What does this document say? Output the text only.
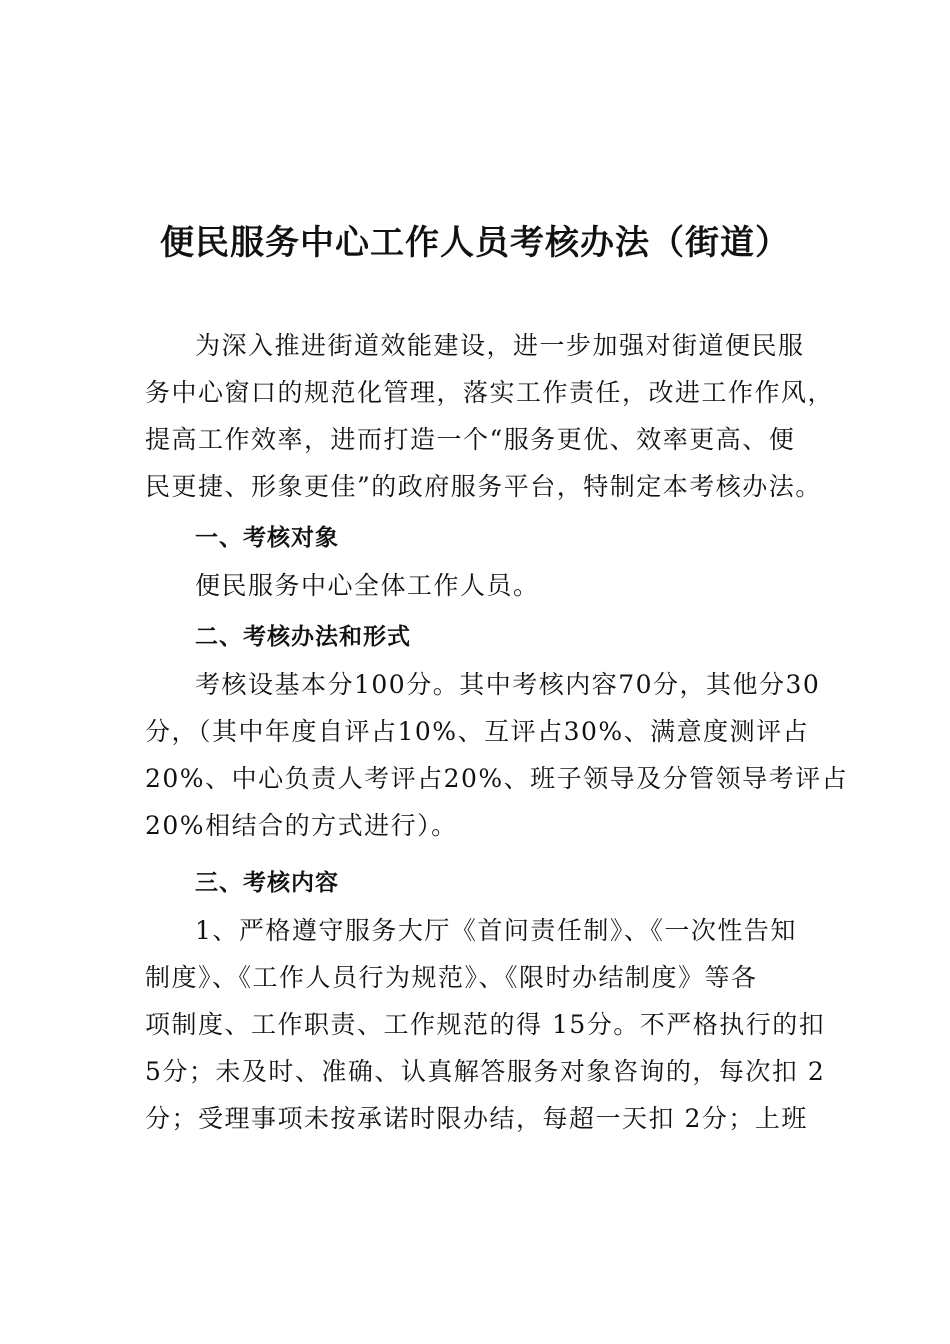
便民服务中心工作人员考核办法（街道）
为深入推进街道效能建设，进一步加强对街道便民服
务中心窗口的规范化管理，落实工作责任，改进工作作风，
提高工作效率，进而打造一个“服务更优、效率更高、便
民更捷、形象更佳”的政府服务平台，特制定本考核办法。
一、考核对象
便民服务中心全体工作人员。
二、考核办法和形式
考核设基本分100分。其中考核内容70分，其他分30
分，（其中年度自评占10%、互评占30%、满意度测评占
20%、中心负责人考评占20%、班子领导及分管领导考评占
20%相结合的方式进行）。
三、考核内容
1、严格遵守服务大厅《首问责任制》、《一次性告知
制度》、《工作人员行为规范》、《限时办结制度》等各
项制度、工作职责、工作规范的得 15分。不严格执行的扣
5分；未及时、准确、认真解答服务对象咨询的，每次扣 2
分；受理事项未按承诺时限办结，每超一天扣 2分；上班
